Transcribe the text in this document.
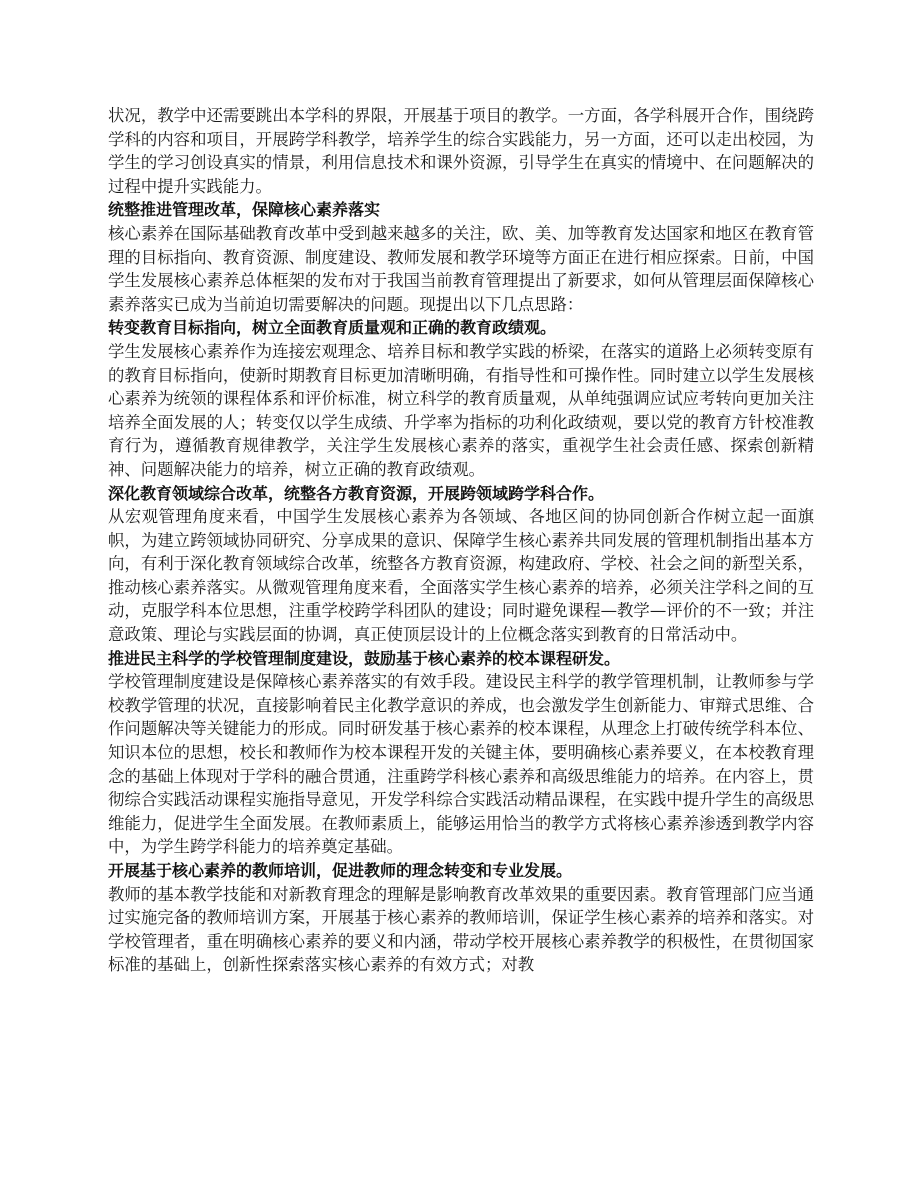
状况，教学中还需要跳出本学科的界限，开展基于项目的教学。一方面，各学科展开合作，围绕跨学科的内容和项目，开展跨学科教学，培养学生的综合实践能力，另一方面，还可以走出校园，为学生的学习创设真实的情景，利用信息技术和课外资源，引导学生在真实的情境中、在问题解决的过程中提升实践能力。

统整推进管理改革，保障核心素养落实

核心素养在国际基础教育改革中受到越来越多的关注，欧、美、加等教育发达国家和地区在教育管理的目标指向、教育资源、制度建设、教师发展和教学环境等方面正在进行相应探索。日前，中国学生发展核心素养总体框架的发布对于我国当前教育管理提出了新要求，如何从管理层面保障核心素养落实已成为当前迫切需要解决的问题。现提出以下几点思路：

转变教育目标指向，树立全面教育质量观和正确的教育政绩观。

学生发展核心素养作为连接宏观理念、培养目标和教学实践的桥梁，在落实的道路上必须转变原有的教育目标指向，使新时期教育目标更加清晰明确，有指导性和可操作性。同时建立以学生发展核心素养为统领的课程体系和评价标准，树立科学的教育质量观，从单纯强调应试应考转向更加关注培养全面发展的人；转变仅以学生成绩、升学率为指标的功利化政绩观，要以党的教育方针校准教育行为，遵循教育规律教学，关注学生发展核心素养的落实，重视学生社会责任感、探索创新精神、问题解决能力的培养，树立正确的教育政绩观。

深化教育领域综合改革，统整各方教育资源，开展跨领域跨学科合作。

从宏观管理角度来看，中国学生发展核心素养为各领域、各地区间的协同创新合作树立起一面旗帜，为建立跨领域协同研究、分享成果的意识、保障学生核心素养共同发展的管理机制指出基本方向，有利于深化教育领域综合改革，统整各方教育资源，构建政府、学校、社会之间的新型关系，推动核心素养落实。从微观管理角度来看，全面落实学生核心素养的培养，必须关注学科之间的互动，克服学科本位思想，注重学校跨学科团队的建设；同时避免课程—教学—评价的不一致；并注意政策、理论与实践层面的协调，真正使顶层设计的上位概念落实到教育的日常活动中。

推进民主科学的学校管理制度建设，鼓励基于核心素养的校本课程研发。

学校管理制度建设是保障核心素养落实的有效手段。建设民主科学的教学管理机制，让教师参与学校教学管理的状况，直接影响着民主化教学意识的养成，也会激发学生创新能力、审辩式思维、合作问题解决等关键能力的形成。同时研发基于核心素养的校本课程，从理念上打破传统学科本位、知识本位的思想，校长和教师作为校本课程开发的关键主体，要明确核心素养要义，在本校教育理念的基础上体现对于学科的融合贯通，注重跨学科核心素养和高级思维能力的培养。在内容上，贯彻综合实践活动课程实施指导意见，开发学科综合实践活动精品课程，在实践中提升学生的高级思维能力，促进学生全面发展。在教师素质上，能够运用恰当的教学方式将核心素养渗透到教学内容中，为学生跨学科能力的培养奠定基础。

开展基于核心素养的教师培训，促进教师的理念转变和专业发展。

教师的基本教学技能和对新教育理念的理解是影响教育改革效果的重要因素。教育管理部门应当通过实施完备的教师培训方案，开展基于核心素养的教师培训，保证学生核心素养的培养和落实。对学校管理者，重在明确核心素养的要义和内涵，带动学校开展核心素养教学的积极性，在贯彻国家标准的基础上，创新性探索落实核心素养的有效方式；对教
